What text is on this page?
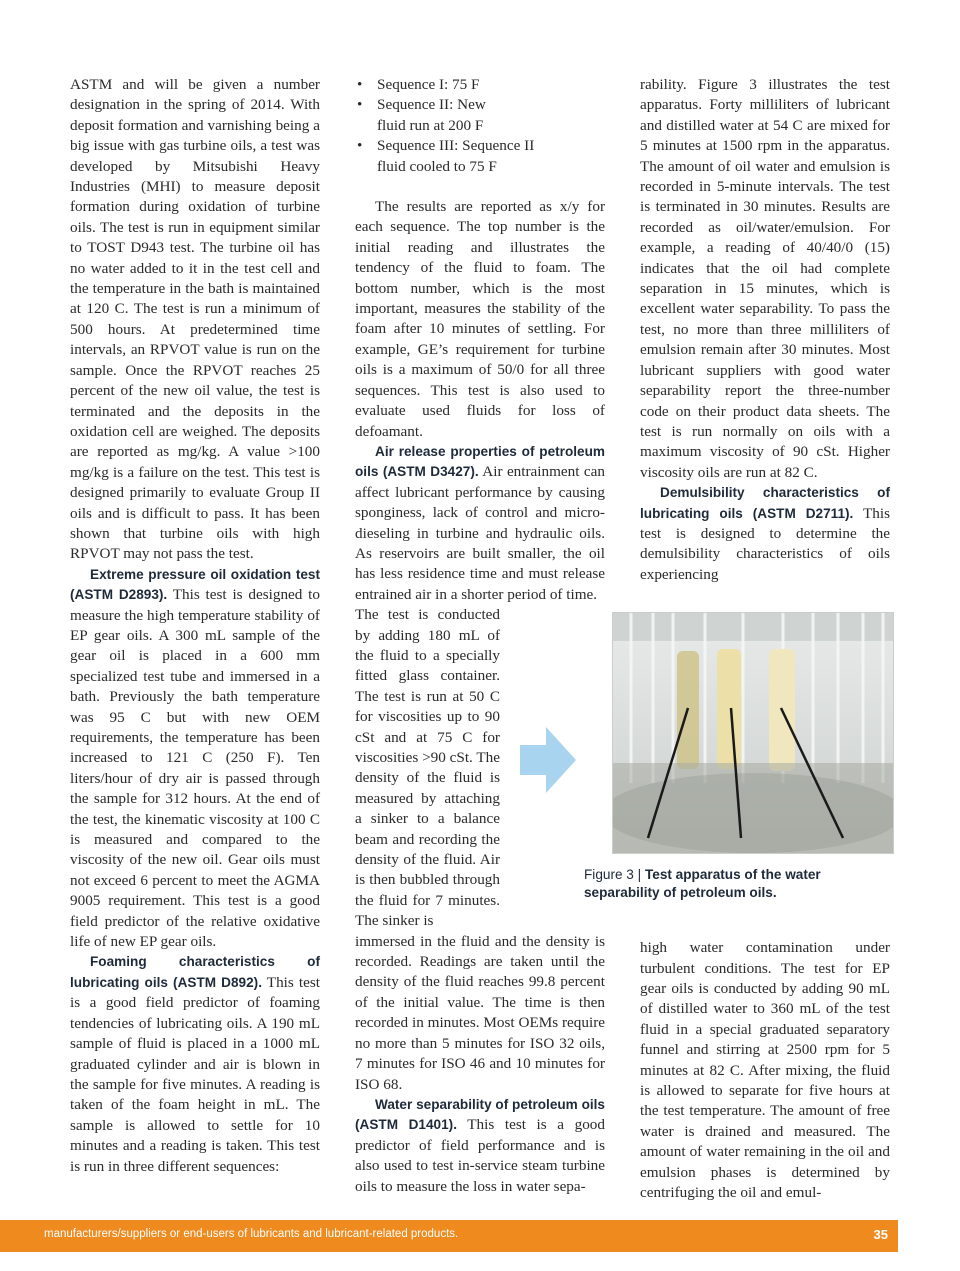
ASTM and will be given a number designation in the spring of 2014. With deposit formation and varnishing being a big issue with gas turbine oils, a test was developed by Mitsubishi Heavy Industries (MHI) to measure deposit formation during oxidation of turbine oils. The test is run in equipment similar to TOST D943 test. The turbine oil has no water added to it in the test cell and the temperature in the bath is maintained at 120 C. The test is run a minimum of 500 hours. At predetermined time intervals, an RPVOT value is run on the sample. Once the RPVOT reaches 25 percent of the new oil value, the test is terminated and the deposits in the oxidation cell are weighed. The deposits are reported as mg/kg. A value >100 mg/kg is a failure on the test. This test is designed primarily to evaluate Group II oils and is difficult to pass. It has been shown that turbine oils with high RPVOT may not pass the test.

Extreme pressure oil oxidation test (ASTM D2893). This test is designed to measure the high temperature stability of EP gear oils. A 300 mL sample of the gear oil is placed in a 600 mm specialized test tube and immersed in a bath. Previously the bath temperature was 95 C but with new OEM requirements, the temperature has been increased to 121 C (250 F). Ten liters/hour of dry air is passed through the sample for 312 hours. At the end of the test, the kinematic viscosity at 100 C is measured and compared to the viscosity of the new oil. Gear oils must not exceed 6 percent to meet the AGMA 9005 requirement. This test is a good field predictor of the relative oxidative life of new EP gear oils.

Foaming characteristics of lubricating oils (ASTM D892). This test is a good field predictor of foaming tendencies of lubricating oils. A 190 mL sample of fluid is placed in a 1000 mL graduated cylinder and air is blown in the sample for five minutes. A reading is taken of the foam height in mL. The sample is allowed to settle for 10 minutes and a reading is taken. This test is run in three different sequences:

• Sequence I: 75 F
• Sequence II: New fluid run at 200 F
• Sequence III: Sequence II fluid cooled to 75 F

The results are reported as x/y for each sequence. The top number is the initial reading and illustrates the tendency of the fluid to foam. The bottom number, which is the most important, measures the stability of the foam after 10 minutes of settling. For example, GE’s requirement for turbine oils is a maximum of 50/0 for all three sequences. This test is also used to evaluate used fluids for loss of defoamant.

Air release properties of petroleum oils (ASTM D3427). Air entrainment can affect lubricant performance by causing sponginess, lack of control and micro-dieseling in turbine and hydraulic oils. As reservoirs are built smaller, the oil has less residence time and must release entrained air in a shorter period of time.

The test is conducted by adding 180 mL of the fluid to a specially fitted glass container. The test is run at 50 C for viscosities up to 90 cSt and at 75 C for viscosities >90 cSt. The density of the fluid is measured by attaching a sinker to a balance beam and recording the density of the fluid. Air is then bubbled through the fluid for 7 minutes. The sinker is

immersed in the fluid and the density is recorded. Readings are taken until the density of the fluid reaches 99.8 percent of the initial value. The time is then recorded in minutes. Most OEMs require no more than 5 minutes for ISO 32 oils, 7 minutes for ISO 46 and 10 minutes for ISO 68.

Water separability of petroleum oils (ASTM D1401). This test is a good predictor of field performance and is also used to test in-service steam turbine oils to measure the loss in water sepa-

rability. Figure 3 illustrates the test apparatus. Forty milliliters of lubricant and distilled water at 54 C are mixed for 5 minutes at 1500 rpm in the apparatus. The amount of oil water and emulsion is recorded in 5-minute intervals. The test is terminated in 30 minutes. Results are recorded as oil/water/emulsion. For example, a reading of 40/40/0 (15) indicates that the oil had complete separation in 15 minutes, which is excellent water separability. To pass the test, no more than three milliliters of emulsion remain after 30 minutes. Most lubricant suppliers with good water separability report the three-number code on their product data sheets. The test is run normally on oils with a maximum viscosity of 90 cSt. Higher viscosity oils are run at 82 C.

Demulsibility characteristics of lubricating oils (ASTM D2711). This test is designed to determine the demulsibility characteristics of oils experiencing

high water contamination under turbulent conditions. The test for EP gear oils is conducted by adding 90 mL of distilled water to 360 mL of the test fluid in a special graduated separatory funnel and stirring at 2500 rpm for 5 minutes at 82 C. After mixing, the fluid is allowed to separate for five hours at the test temperature. The amount of free water is drained and measured. The amount of water remaining in the oil and emulsion phases is determined by centrifuging the oil and emul-

Figure 3 | Test apparatus of the water separability of petroleum oils.
manufacturers/suppliers or end-users of lubricants and lubricant-related products.	35
